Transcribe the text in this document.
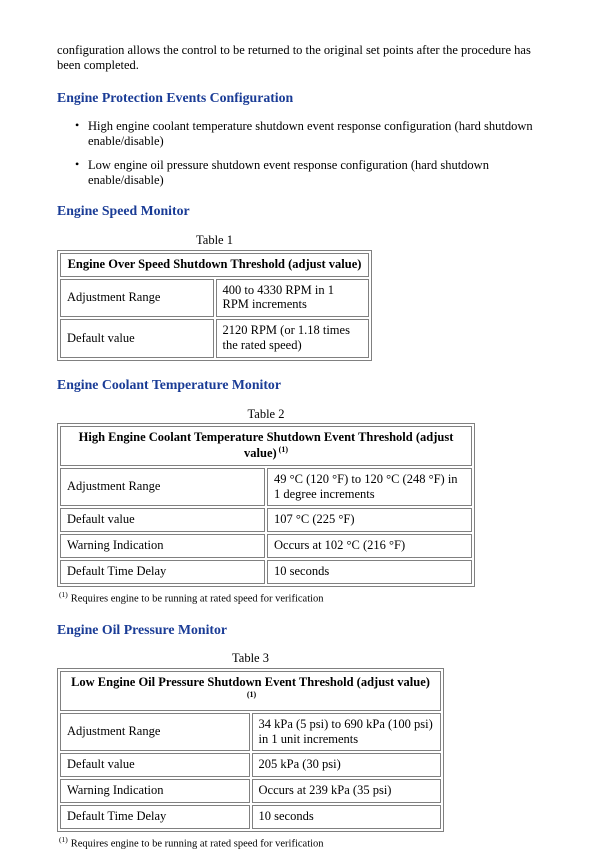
configuration allows the control to be returned to the original set points after the procedure has been completed.

Engine Protection Events Configuration
• High engine coolant temperature shutdown event response configuration (hard shutdown enable/disable)
• Low engine oil pressure shutdown event response configuration (hard shutdown enable/disable)
Engine Speed Monitor

Table 1

Engine Over Speed Shutdown Threshold (adjust value)	
Adjustment Range	400 to 4330 RPM in 1 RPM increments
Default value	2120 RPM (or 1.18 times the rated speed)
Engine Coolant Temperature Monitor

Table 2

High Engine Coolant Temperature Shutdown Event Threshold (adjust value) $^{(1)}$
Adjustment Range	49 °C (120 °F) to 120 °C (248 °F) in 1 degree increments
Default value	107 °C (225 °F)
Warning Indication	Occurs at 102 °C (216 °F)
Default Time Delay	10 seconds

$^{(1)}$ Requires engine to be running at rated speed for verification

Engine Oil Pressure Monitor

Table 3

Low Engine Oil Pressure Shutdown Event Threshold (adjust value)$^{(1)}$
Adjustment Range	34 kPa (5 psi) to 690 kPa (100 psi) in 1 unit increments
Default value	205 kPa (30 psi)
Warning Indication	Occurs at 239 kPa (35 psi)
Default Time Delay	10 seconds

$^{(1)}$ Requires engine to be running at rated speed for verification
